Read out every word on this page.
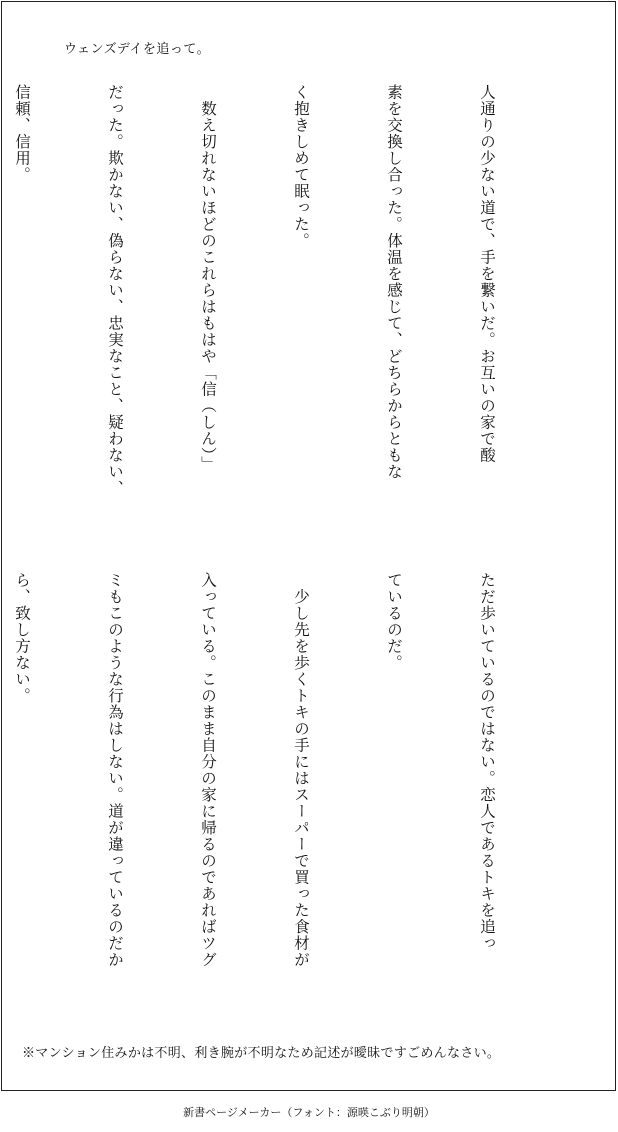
ウェンズデイを追って。

人通りの少ない道で、手を繋いだ。お互いの家で酸

素を交換し合った。体温を感じて、どちらからともな

く抱きしめて眠った。

　数え切れないほどのこれらはもはや「信（しん）」

だった。欺かない、偽らない、忠実なこと、疑わない、

信頼、信用。

ただ歩いているのではない。恋人であるトキを追っ

ているのだ。

　少し先を歩くトキの手にはスーパーで買った食材が

入っている。このまま自分の家に帰るのであればツグ

ミもこのような行為はしない。道が違っているのだか

ら、致し方ない。

※マンション住みかは不明、利き腕が不明なため記述が曖昧ですごめんなさい。
新書ページメーカー（フォント：源暎こぶり明朝）
